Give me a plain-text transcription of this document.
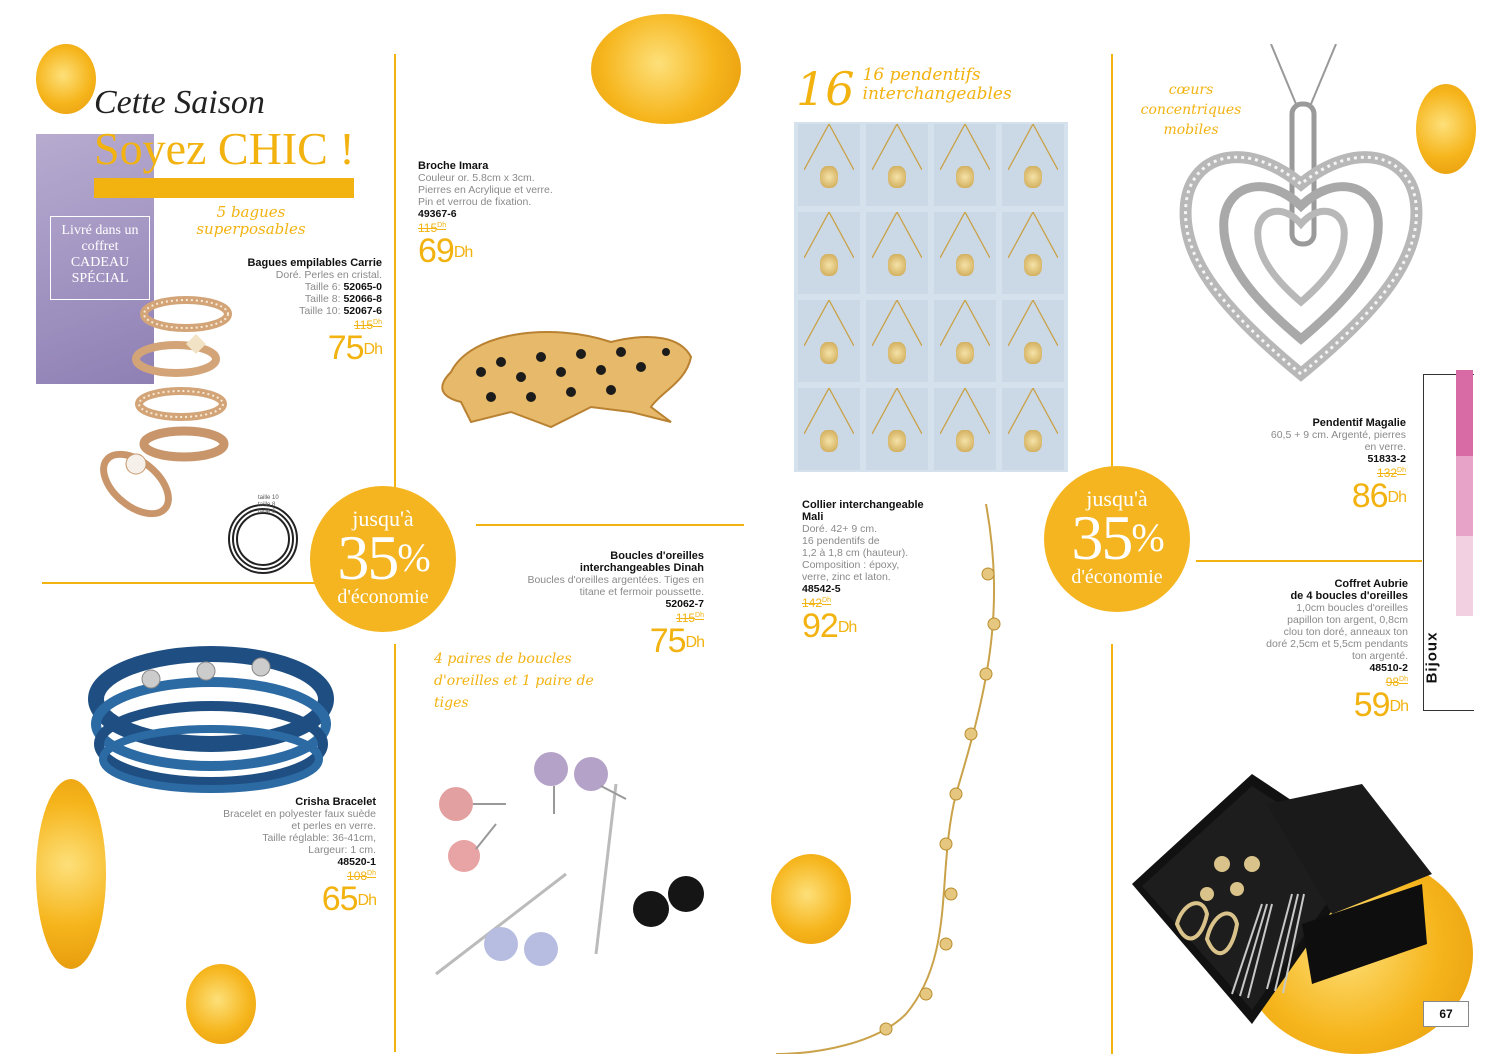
Livré dans un coffret CADEAU SPÉCIAL
Cette Saison
Soyez CHIC !
5 bagues superposables
Bagues empilables Carrie
Doré. Perles en cristal.
Taille 6: 52065-0
Taille 8: 52066-8
Taille 10: 52067-6
$115^{Dh}$
$75^{Dh}$
taille 10
taille 8
taille 6
Broche Imara
Couleur or. 5.8cm x 3cm.
Pierres en Acrylique et verre.
Pin et verrou de fixation.
49367-6
$115^{Dh}$
$69^{Dh}$
jusqu'à
35%
d'économie
Boucles d'oreilles
interchangeables Dinah
Boucles d'oreilles argentées. Tiges en
titane et fermoir poussette.
52062-7
$115^{Dh}$
$75^{Dh}$
4 paires de boucles d'oreilles et 1 paire de tiges
Crisha Bracelet
Bracelet en polyester faux suède
et perles en verre.
Taille réglable: 36-41cm,
Largeur: 1 cm.
48520-1
$108^{Dh}$
$65^{Dh}$
16 16 pendentifs interchangeables
Collier interchangeable
Mali
Doré. 42+ 9 cm.
16 pendentifs de
1,2 à 1,8 cm (hauteur).
Composition : époxy,
verre, zinc et laton.
48542-5
$142^{Dh}$
$92^{Dh}$
jusqu'à
35%
d'économie
cœurs concentriques mobiles
Pendentif Magalie
60,5 + 9 cm. Argenté, pierres
en verre.
51833-2
$132^{Dh}$
$86^{Dh}$
Coffret Aubrie
de 4 boucles d'oreilles
1,0cm boucles d'oreilles
papillon ton argent, 0,8cm
clou ton doré, anneaux ton
doré 2,5cm et 5,5cm pendants
ton argenté.
48510-2
$98^{Dh}$
$59^{Dh}$
Bijoux
67
